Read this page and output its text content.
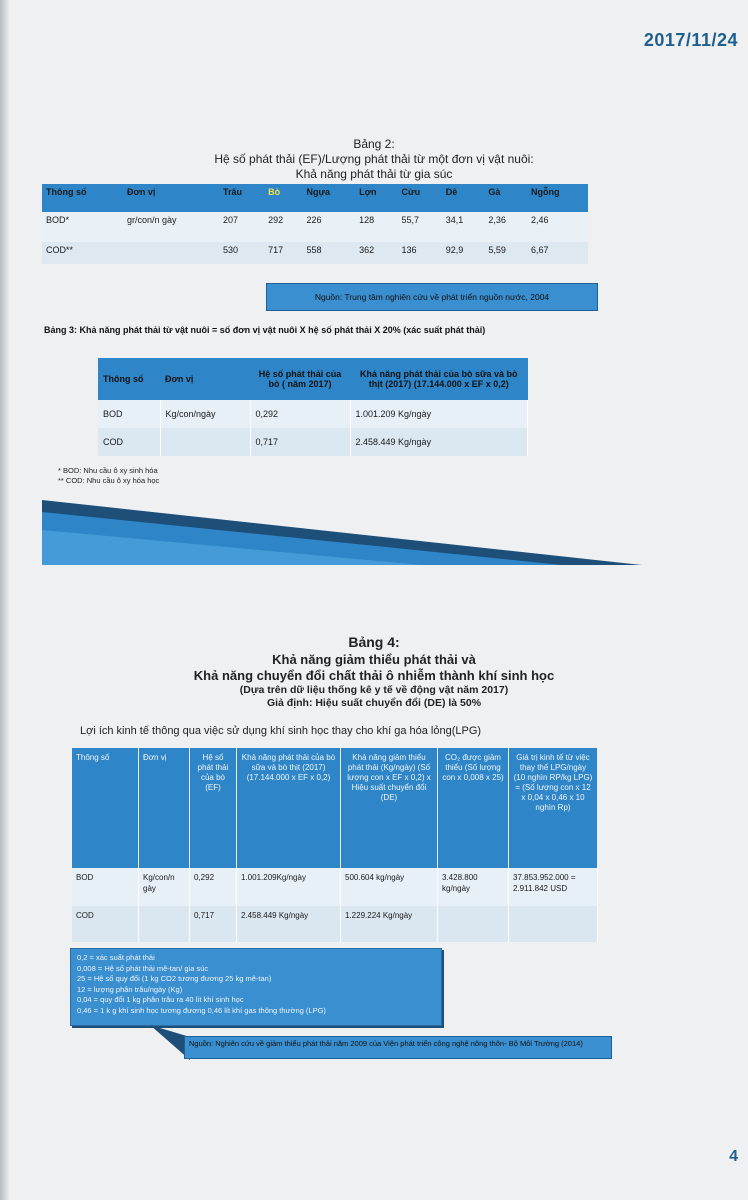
2017/11/24
Bảng 2:
Hệ số phát thải (EF)/Lượng phát thải từ một đơn vị vật nuôi:
Khả năng phát thải từ gia súc
Thông số	Đơn vị	Trâu	Bò	Ngựa	Lợn	Cừu	Dê	Gà	Ngỗng
BOD*	gr/con/n gày	207	292	226	128	55,7	34,1	2,36	2,46
COD**		530	717	558	362	136	92,9	5,59	6,67
Nguồn: Trung tâm nghiên cứu về phát triển nguồn nước, 2004
Bảng 3: Khả năng phát thải từ vật nuôi = số đơn vị vật nuôi X hệ số phát thải X 20% (xác suất phát thải)
Thông số	Đơn vị	Hệ số phát thải của bò ( năm 2017)	Khả năng phát thải của bò sữa và bò thịt (2017) (17.144.000 x EF x 0,2)
BOD	Kg/con/ngày	0,292	1.001.209 Kg/ngày
COD		0,717	2.458.449 Kg/ngày
* BOD: Nhu cầu ô xy sinh hóa
** COD: Nhu cầu ô xy hóa học
Bảng 4:
Khả năng giảm thiểu phát thải và
Khả năng chuyển đổi chất thải ô nhiễm thành khí sinh học
(Dựa trên dữ liệu thống kê y tế về động vật năm 2017)
Giả định: Hiệu suất chuyển đổi (DE) là 50%
Lợi ích kinh tế thông qua việc sử dụng khí sinh học thay cho khí ga hóa lỏng(LPG)
Thông số	Đơn vị	Hệ số phát thải của bò (EF)	Khả năng phát thải của bò sữa và bò thịt (2017) (17.144.000 x EF x 0,2)	Khả năng giảm thiểu phát thải (Kg/ngày) (Số lượng con x EF x 0,2) x Hiệu suất chuyển đổi (DE)	CO₂ được giảm thiểu (Số lượng con x 0,008 x 25)	Giá trị kinh tế từ việc thay thế LPG/ngày (10 nghìn RP/kg LPG) = (Số lượng con x 12 x 0,04 x 0,46 x 10 nghìn Rp)
BOD	Kg/con/n gày	0,292	1.001.209Kg/ngày	500.604 kg/ngày	3.428.800 kg/ngày	37.853.952.000 = 2.911.842 USD
COD		0,717	2.458.449 Kg/ngày	1.229.224 Kg/ngày		
0,2 = xác suất phát thải
0,008 = Hệ số phát thải mê-tan/ gia súc
25 = Hệ số quy đổi (1 kg CO2 tương đương 25 kg mê-tan)
12 = lượng phân trâu/ngày (Kg)
0,04 = quy đổi 1 kg phân trâu ra 40 lít khí sinh học
0,46 = 1 k g khí sinh học tương đương 0,46 lít khí gas thông thường (LPG)
Nguồn: Nghiên cứu về giảm thiểu phát thải năm 2009 của Viện phát triển công nghệ nông thôn- Bộ Môi Trường (2014)
4
